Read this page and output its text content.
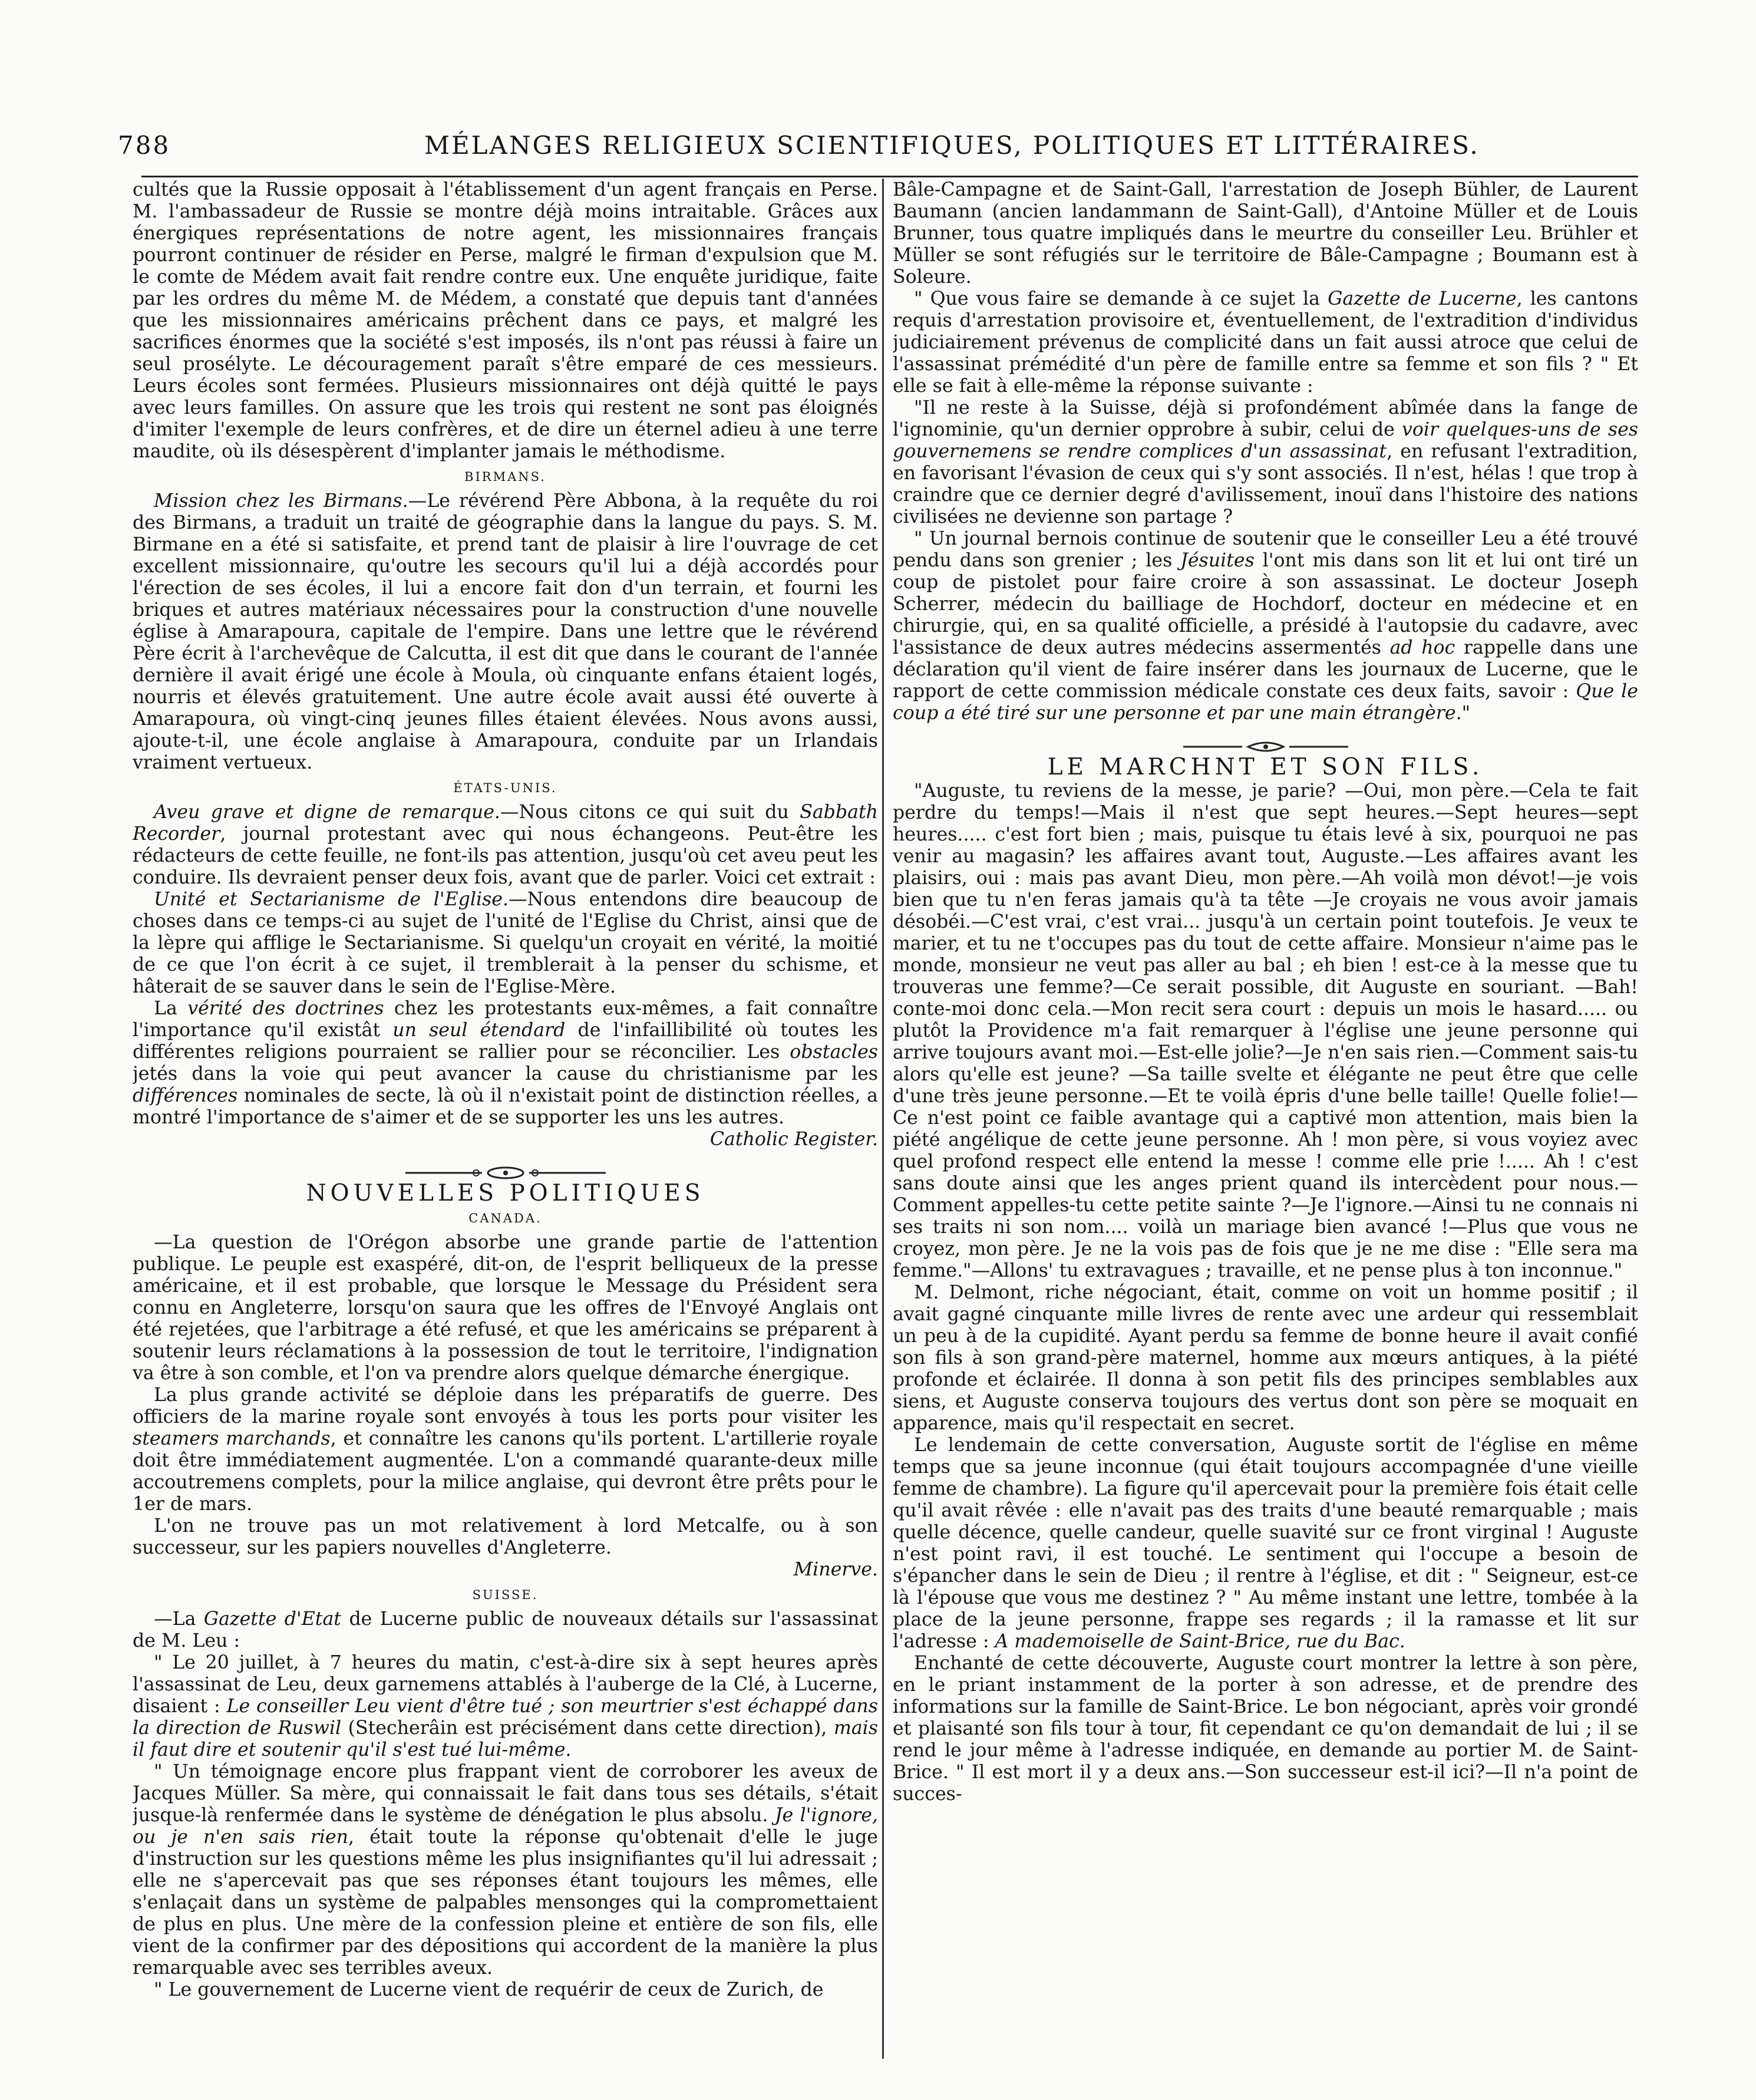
788	MÉLANGES RELIGIEUX SCIENTIFIQUES, POLITIQUES ET LITTÉRAIRES.

cultés que la Russie opposait à l'établissement d'un agent français en Perse. M. l'ambassadeur de Russie se montre déjà moins intraitable. Grâces aux énergiques représentations de notre agent, les missionnaires français pourront continuer de résider en Perse, malgré le firman d'expulsion que M. le comte de Médem avait fait rendre contre eux. Une enquête juridique, faite par les ordres du même M. de Médem, a constaté que depuis tant d'années que les missionnaires américains prêchent dans ce pays, et malgré les sacrifices énormes que la société s'est imposés, ils n'ont pas réussi à faire un seul prosélyte. Le découragement paraît s'être emparé de ces messieurs. Leurs écoles sont fermées. Plusieurs missionnaires ont déjà quitté le pays avec leurs familles. On assure que les trois qui restent ne sont pas éloignés d'imiter l'exemple de leurs confrères, et de dire un éternel adieu à une terre maudite, où ils désespèrent d'implanter jamais le méthodisme.

BIRMANS.

Mission chez les Birmans.—Le révérend Père Abbona, à la requête du roi des Birmans, a traduit un traité de géographie dans la langue du pays. S. M. Birmane en a été si satisfaite, et prend tant de plaisir à lire l'ouvrage de cet excellent missionnaire, qu'outre les secours qu'il lui a déjà accordés pour l'érection de ses écoles, il lui a encore fait don d'un terrain, et fourni les briques et autres matériaux nécessaires pour la construction d'une nouvelle église à Amarapoura, capitale de l'empire. Dans une lettre que le révérend Père écrit à l'archevêque de Calcutta, il est dit que dans le courant de l'année dernière il avait érigé une école à Moula, où cinquante enfans étaient logés, nourris et élevés gratuitement. Une autre école avait aussi été ouverte à Amarapoura, où vingt-cinq jeunes filles étaient élevées. Nous avons aussi, ajoute-t-il, une école anglaise à Amarapoura, conduite par un Irlandais vraiment vertueux.

ÉTATS-UNIS.

Aveu grave et digne de remarque.—Nous citons ce qui suit du Sabbath Recorder, journal protestant avec qui nous échangeons. Peut-être les rédacteurs de cette feuille, ne font-ils pas attention, jusqu'où cet aveu peut les conduire. Ils devraient penser deux fois, avant que de parler. Voici cet extrait :

Unité et Sectarianisme de l'Eglise.—Nous entendons dire beaucoup de choses dans ce temps-ci au sujet de l'unité de l'Eglise du Christ, ainsi que de la lèpre qui afflige le Sectarianisme. Si quelqu'un croyait en vérité, la moitié de ce que l'on écrit à ce sujet, il tremblerait à la penser du schisme, et hâterait de se sauver dans le sein de l'Eglise-Mère.

La vérité des doctrines chez les protestants eux-mêmes, a fait connaître l'importance qu'il existât un seul étendard de l'infaillibilité où toutes les différentes religions pourraient se rallier pour se réconcilier. Les obstacles jetés dans la voie qui peut avancer la cause du christianisme par les différences nominales de secte, là où il n'existait point de distinction réelles, a montré l'importance de s'aimer et de se supporter les uns les autres.

Catholic Register.
NOUVELLES POLITIQUES
CANADA.

—La question de l'Orégon absorbe une grande partie de l'attention publique. Le peuple est exaspéré, dit-on, de l'esprit belliqueux de la presse américaine, et il est probable, que lorsque le Message du Président sera connu en Angleterre, lorsqu'on saura que les offres de l'Envoyé Anglais ont été rejetées, que l'arbitrage a été refusé, et que les américains se préparent à soutenir leurs réclamations à la possession de tout le territoire, l'indignation va être à son comble, et l'on va prendre alors quelque démarche énergique.

La plus grande activité se déploie dans les préparatifs de guerre. Des officiers de la marine royale sont envoyés à tous les ports pour visiter les steamers marchands, et connaître les canons qu'ils portent. L'artillerie royale doit être immédiatement augmentée. L'on a commandé quarante-deux mille accoutremens complets, pour la milice anglaise, qui devront être prêts pour le 1er de mars.

L'on ne trouve pas un mot relativement à lord Metcalfe, ou à son successeur, sur les papiers nouvelles d'Angleterre.

Minerve.
SUISSE.

—La Gazette d'Etat de Lucerne public de nouveaux détails sur l'assassinat de M. Leu :

" Le 20 juillet, à 7 heures du matin, c'est-à-dire six à sept heures après l'assassinat de Leu, deux garnemens attablés à l'auberge de la Clé, à Lucerne, disaient : Le conseiller Leu vient d'être tué ; son meurtrier s'est échappé dans la direction de Ruswil (Stecherâin est précisément dans cette direction), mais il faut dire et soutenir qu'il s'est tué lui-même.

" Un témoignage encore plus frappant vient de corroborer les aveux de Jacques Müller. Sa mère, qui connaissait le fait dans tous ses détails, s'était jusque-là renfermée dans le système de dénégation le plus absolu. Je l'ignore, ou je n'en sais rien, était toute la réponse qu'obtenait d'elle le juge d'instruction sur les questions même les plus insignifiantes qu'il lui adressait ; elle ne s'apercevait pas que ses réponses étant toujours les mêmes, elle s'enlaçait dans un système de palpables mensonges qui la compromettaient de plus en plus. Une mère de la confession pleine et entière de son fils, elle vient de la confirmer par des dépositions qui accordent de la manière la plus remarquable avec ses terribles aveux.

" Le gouvernement de Lucerne vient de requérir de ceux de Zurich, de

Bâle-Campagne et de Saint-Gall, l'arrestation de Joseph Bühler, de Laurent Baumann (ancien landammann de Saint-Gall), d'Antoine Müller et de Louis Brunner, tous quatre impliqués dans le meurtre du conseiller Leu. Brühler et Müller se sont réfugiés sur le territoire de Bâle-Campagne ; Boumann est à Soleure.

" Que vous faire se demande à ce sujet la Gazette de Lucerne, les cantons requis d'arrestation provisoire et, éventuellement, de l'extradition d'individus judiciairement prévenus de complicité dans un fait aussi atroce que celui de l'assassinat prémédité d'un père de famille entre sa femme et son fils ? " Et elle se fait à elle-même la réponse suivante :

"Il ne reste à la Suisse, déjà si profondément abîmée dans la fange de l'ignominie, qu'un dernier opprobre à subir, celui de voir quelques-uns de ses gouvernemens se rendre complices d'un assassinat, en refusant l'extradition, en favorisant l'évasion de ceux qui s'y sont associés. Il n'est, hélas ! que trop à craindre que ce dernier degré d'avilissement, inouï dans l'histoire des nations civilisées ne devienne son partage ?

" Un journal bernois continue de soutenir que le conseiller Leu a été trouvé pendu dans son grenier ; les Jésuites l'ont mis dans son lit et lui ont tiré un coup de pistolet pour faire croire à son assassinat. Le docteur Joseph Scherrer, médecin du bailliage de Hochdorf, docteur en médecine et en chirurgie, qui, en sa qualité officielle, a présidé à l'autopsie du cadavre, avec l'assistance de deux autres médecins assermentés ad hoc rappelle dans une déclaration qu'il vient de faire insérer dans les journaux de Lucerne, que le rapport de cette commission médicale constate ces deux faits, savoir : Que le coup a été tiré sur une personne et par une main étrangère."

LE MARCHNT ET SON FILS.

"Auguste, tu reviens de la messe, je parie? —Oui, mon père.—Cela te fait perdre du temps!—Mais il n'est que sept heures.—Sept heures—sept heures..... c'est fort bien ; mais, puisque tu étais levé à six, pourquoi ne pas venir au magasin? les affaires avant tout, Auguste.—Les affaires avant les plaisirs, oui : mais pas avant Dieu, mon père.—Ah voilà mon dévot!—je vois bien que tu n'en feras jamais qu'à ta tête —Je croyais ne vous avoir jamais désobéi.—C'est vrai, c'est vrai... jusqu'à un certain point toutefois. Je veux te marier, et tu ne t'occupes pas du tout de cette affaire. Monsieur n'aime pas le monde, monsieur ne veut pas aller au bal ; eh bien ! est-ce à la messe que tu trouveras une femme?—Ce serait possible, dit Auguste en souriant. —Bah! conte-moi donc cela.—Mon recit sera court : depuis un mois le hasard..... ou plutôt la Providence m'a fait remarquer à l'église une jeune personne qui arrive toujours avant moi.—Est-elle jolie?—Je n'en sais rien.—Comment sais-tu alors qu'elle est jeune? —Sa taille svelte et élégante ne peut être que celle d'une très jeune personne.—Et te voilà épris d'une belle taille! Quelle folie!—Ce n'est point ce faible avantage qui a captivé mon attention, mais bien la piété angélique de cette jeune personne. Ah ! mon père, si vous voyiez avec quel profond respect elle entend la messe ! comme elle prie !..... Ah ! c'est sans doute ainsi que les anges prient quand ils intercèdent pour nous.—Comment appelles-tu cette petite sainte ?—Je l'ignore.—Ainsi tu ne connais ni ses traits ni son nom.... voilà un mariage bien avancé !—Plus que vous ne croyez, mon père. Je ne la vois pas de fois que je ne me dise : "Elle sera ma femme."—Allons' tu extravagues ; travaille, et ne pense plus à ton inconnue."

M. Delmont, riche négociant, était, comme on voit un homme positif ; il avait gagné cinquante mille livres de rente avec une ardeur qui ressemblait un peu à de la cupidité. Ayant perdu sa femme de bonne heure il avait confié son fils à son grand-père maternel, homme aux mœurs antiques, à la piété profonde et éclairée. Il donna à son petit fils des principes semblables aux siens, et Auguste conserva toujours des vertus dont son père se moquait en apparence, mais qu'il respectait en secret.

Le lendemain de cette conversation, Auguste sortit de l'église en même temps que sa jeune inconnue (qui était toujours accompagnée d'une vieille femme de chambre). La figure qu'il apercevait pour la première fois était celle qu'il avait rêvée : elle n'avait pas des traits d'une beauté remarquable ; mais quelle décence, quelle candeur, quelle suavité sur ce front virginal ! Auguste n'est point ravi, il est touché. Le sentiment qui l'occupe a besoin de s'épancher dans le sein de Dieu ; il rentre à l'église, et dit : " Seigneur, est-ce là l'épouse que vous me destinez ? " Au même instant une lettre, tombée à la place de la jeune personne, frappe ses regards ; il la ramasse et lit sur l'adresse : A mademoiselle de Saint-Brice, rue du Bac.

Enchanté de cette découverte, Auguste court montrer la lettre à son père, en le priant instamment de la porter à son adresse, et de prendre des informations sur la famille de Saint-Brice. Le bon négociant, après voir grondé et plaisanté son fils tour à tour, fit cependant ce qu'on demandait de lui ; il se rend le jour même à l'adresse indiquée, en demande au portier M. de Saint-Brice. " Il est mort il y a deux ans.—Son successeur est-il ici?—Il n'a point de succes-
